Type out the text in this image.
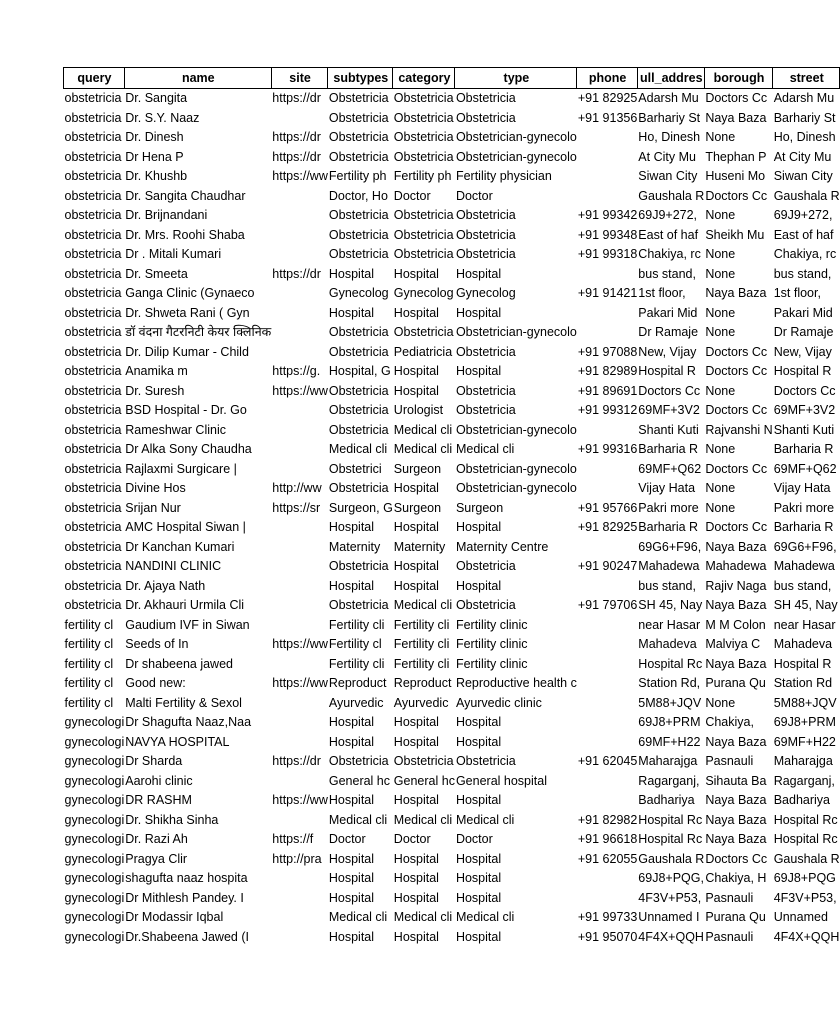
query	name	site	subtypes	category	type	phone	ull_addres	borough	street
obstetricia	Dr. Sangita	https://dr	Obstetricia	Obstetricia	Obstetricia	+91 82925	Adarsh Mu	Doctors Cc	Adarsh Mu
obstetricia	Dr. S.Y. Naaz		Obstetricia	Obstetricia	Obstetricia	+91 91356	Barhariy St	Naya Baza	Barhariy St
obstetricia	Dr. Dinesh	https://dr	Obstetricia	Obstetricia	Obstetrician-gynecolo		Ho, Dinesh	None	Ho, Dinesh
obstetricia	Dr Hena P	https://dr	Obstetricia	Obstetricia	Obstetrician-gynecolo		At City Mu	Thephan P	At City Mu
obstetricia	Dr. Khushb	https://ww	Fertility ph	Fertility ph	Fertility physician		Siwan City	Huseni Mo	Siwan City
obstetricia	Dr. Sangita Chaudhar		Doctor, Ho	Doctor	Doctor		Gaushala R	Doctors Cc	Gaushala R
obstetricia	Dr. Brijnandani		Obstetricia	Obstetricia	Obstetricia	+91 99342	69J9+272,	None	69J9+272,
obstetricia	Dr. Mrs. Roohi Shaba		Obstetricia	Obstetricia	Obstetricia	+91 99348	East of haf	Sheikh Mu	East of haf
obstetricia	Dr . Mitali Kumari		Obstetricia	Obstetricia	Obstetricia	+91 99318	Chakiya, rc	None	Chakiya, rc
obstetricia	Dr. Smeeta	https://dr	Hospital	Hospital	Hospital		bus stand,	None	bus stand,
obstetricia	Ganga Clinic (Gynaeco		Gynecolog	Gynecolog	Gynecolog	+91 91421	1st floor,	Naya Baza	1st floor,
obstetricia	Dr. Shweta Rani ( Gyn		Hospital	Hospital	Hospital		Pakari Mid	None	Pakari Mid
obstetricia	डॉ वंदना गैटरनिटी केयर क्लिनिक		Obstetricia	Obstetricia	Obstetrician-gynecolo		Dr Ramaje	None	Dr Ramaje
obstetricia	Dr. Dilip Kumar - Child		Obstetricia	Pediatricia	Obstetricia	+91 97088	New, Vijay	Doctors Cc	New, Vijay
obstetricia	Anamika m	https://g.	Hospital, G	Hospital	Hospital	+91 82989	Hospital R	Doctors Cc	Hospital R
obstetricia	Dr. Suresh	https://ww	Obstetricia	Hospital	Obstetricia	+91 89691	Doctors Cc	None	Doctors Cc
obstetricia	BSD Hospital - Dr. Go		Obstetricia	Urologist	Obstetricia	+91 99312	69MF+3V2	Doctors Cc	69MF+3V2
obstetricia	Rameshwar Clinic		Obstetricia	Medical cli	Obstetrician-gynecolo		Shanti Kuti	Rajvanshi N	Shanti Kuti
obstetricia	Dr Alka Sony Chaudha		Medical cli	Medical cli	Medical cli	+91 99316	Barharia R	None	Barharia R
obstetricia	Rajlaxmi Surgicare |		Obstetrici	Surgeon	Obstetrician-gynecolo		69MF+Q62	Doctors Cc	69MF+Q62
obstetricia	Divine Hos	http://ww	Obstetricia	Hospital	Obstetrician-gynecolo		Vijay Hata	None	Vijay Hata
obstetricia	Srijan Nur	https://sr	Surgeon, G	Surgeon	Surgeon	+91 95766	Pakri more	None	Pakri more
obstetricia	AMC Hospital Siwan |		Hospital	Hospital	Hospital	+91 82925	Barharia R	Doctors Cc	Barharia R
obstetricia	Dr Kanchan Kumari		Maternity	Maternity	Maternity Centre		69G6+F96,	Naya Baza	69G6+F96,
obstetricia	NANDINI CLINIC		Obstetricia	Hospital	Obstetricia	+91 90247	Mahadewa	Mahadewa	Mahadewa
obstetricia	Dr. Ajaya Nath		Hospital	Hospital	Hospital		bus stand,	Rajiv Naga	bus stand,
obstetricia	Dr. Akhauri Urmila Cli		Obstetricia	Medical cli	Obstetricia	+91 79706	SH 45, Nay	Naya Baza	SH 45, Nay
fertility cl	Gaudium IVF in Siwan		Fertility cli	Fertility cli	Fertility clinic		near Hasar	M M Colon	near Hasar
fertility cl	Seeds of In	https://ww	Fertility cl	Fertility cli	Fertility clinic		Mahadeva	Malviya C	Mahadeva
fertility cl	Dr shabeena jawed		Fertility cli	Fertility cli	Fertility clinic		Hospital Rc	Naya Baza	Hospital R
fertility cl	Good new:	https://ww	Reproduct	Reproduct	Reproductive health c		Station Rd,	Purana Qu	Station Rd
fertility cl	Malti Fertility & Sexol		Ayurvedic	Ayurvedic	Ayurvedic clinic		5M88+JQV	None	5M88+JQV
gynecologi	Dr Shagufta Naaz,Naa		Hospital	Hospital	Hospital		69J8+PRM	Chakiya,	69J8+PRM
gynecologi	NAVYA HOSPITAL		Hospital	Hospital	Hospital		69MF+H22	Naya Baza	69MF+H22
gynecologi	Dr Sharda	https://dr	Obstetricia	Obstetricia	Obstetricia	+91 62045	Maharajga	Pasnauli	Maharajga
gynecologi	Aarohi clinic		General hc	General hc	General hospital		Ragarganj,	Sihauta Ba	Ragarganj,
gynecologi	DR RASHM	https://ww	Hospital	Hospital	Hospital		Badhariya	Naya Baza	Badhariya
gynecologi	Dr. Shikha Sinha		Medical cli	Medical cli	Medical cli	+91 82982	Hospital Rc	Naya Baza	Hospital Rc
gynecologi	Dr. Razi Ah	https://f	Doctor	Doctor	Doctor	+91 96618	Hospital Rc	Naya Baza	Hospital Rc
gynecologi	Pragya Clir	http://pra	Hospital	Hospital	Hospital	+91 62055	Gaushala R	Doctors Cc	Gaushala R
gynecologi	shagufta naaz hospita		Hospital	Hospital	Hospital		69J8+PQG,	Chakiya, H	69J8+PQG
gynecologi	Dr Mithlesh Pandey. I		Hospital	Hospital	Hospital		4F3V+P53,	Pasnauli	4F3V+P53,
gynecologi	Dr Modassir Iqbal		Medical cli	Medical cli	Medical cli	+91 99733	Unnamed I	Purana Qu	Unnamed
gynecologi	Dr.Shabeena Jawed (I		Hospital	Hospital	Hospital	+91 95070	4F4X+QQH	Pasnauli	4F4X+QQH
